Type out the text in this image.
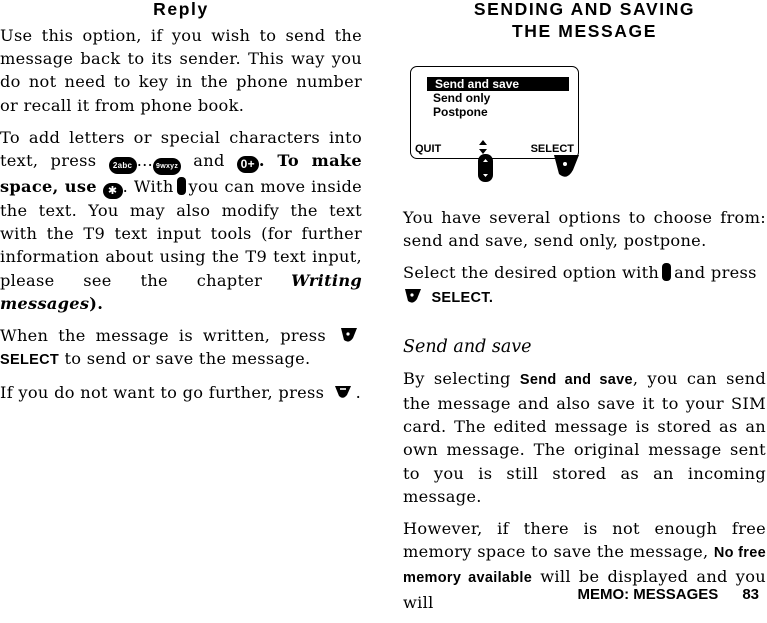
Reply

Use this option, if you wish to send the message back to its sender. This way you do not need to key in the phone number or recall it from phone book.

To add letters or special characters into text, press 2abc … 9wxyz and 0+ . To make space, use ✱ . With you can move inside the text. You may also modify the text with the T9 text input tools (for further information about using the T9 text input, please see the chapter Writing messages).

When the message is written, press  SELECT to send or save the message.

If you do not want to go further, press .

SENDING AND SAVING
THE MESSAGE
Send and save
Send only
Postpone
QUIT	SELECT

You have several options to choose from: send and save, send only, postpone.

Select the desired option with and press
SELECT.

Send and save

By selecting Send and save, you can send the message and also save it to your SIM card. The edited message is stored as an own message. The original message sent to you is still stored as an incoming message.

However, if there is not enough free memory space to save the message, No free memory available will be displayed and you will	MEMO: MESSAGES 83
